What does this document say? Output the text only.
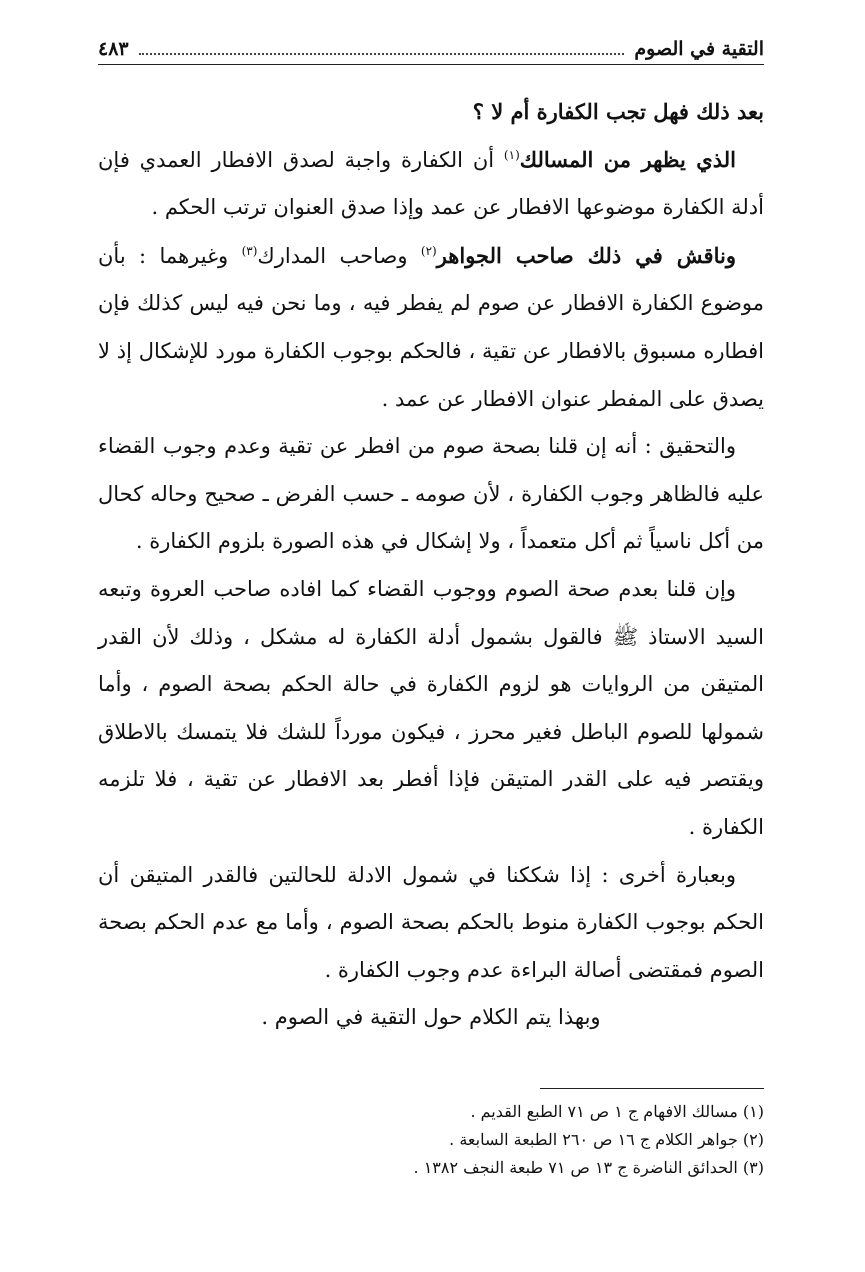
التقية في الصوم
٤٨٣

بعد ذلك فهل تجب الكفارة أم لا ؟

الذي يظهر من المسالك$^{(١)}$ أن الكفارة واجبة لصدق الافطار العمدي فإن أدلة الكفارة موضوعها الافطار عن عمد وإذا صدق العنوان ترتب الحكم .

وناقش في ذلك صاحب الجواهر$^{(٢)}$ وصاحب المدارك$^{(٣)}$ وغيرهما : بأن موضوع الكفارة الافطار عن صوم لم يفطر فيه ، وما نحن فيه ليس كذلك فإن افطاره مسبوق بالافطار عن تقية ، فالحكم بوجوب الكفارة مورد للإشكال إذ لا يصدق على المفطر عنوان الافطار عن عمد .

والتحقيق : أنه إن قلنا بصحة صوم من افطر عن تقية وعدم وجوب القضاء عليه فالظاهر وجوب الكفارة ، لأن صومه ـ حسب الفرض ـ صحيح وحاله كحال من أكل ناسياً ثم أكل متعمداً ، ولا إشكال في هذه الصورة بلزوم الكفارة .

وإن قلنا بعدم صحة الصوم ووجوب القضاء كما افاده صاحب العروة وتبعه السيد الاستاذ ﷺ فالقول بشمول أدلة الكفارة له مشكل ، وذلك لأن القدر المتيقن من الروايات هو لزوم الكفارة في حالة الحكم بصحة الصوم ، وأما شمولها للصوم الباطل فغير محرز ، فيكون مورداً للشك فلا يتمسك بالاطلاق ويقتصر فيه على القدر المتيقن فإذا أفطر بعد الافطار عن تقية ، فلا تلزمه الكفارة .

وبعبارة أخرى : إذا شككنا في شمول الادلة للحالتين فالقدر المتيقن أن الحكم بوجوب الكفارة منوط بالحكم بصحة الصوم ، وأما مع عدم الحكم بصحة الصوم فمقتضى أصالة البراءة عدم وجوب الكفارة .

وبهذا يتم الكلام حول التقية في الصوم .

(١) مسالك الافهام ج ١ ص ٧١ الطبع القديم .
(٢) جواهر الكلام ج ١٦ ص ٢٦٠ الطبعة السابعة .
(٣) الحدائق الناضرة ج ١٣ ص ٧١ طبعة النجف ١٣٨٢ .
